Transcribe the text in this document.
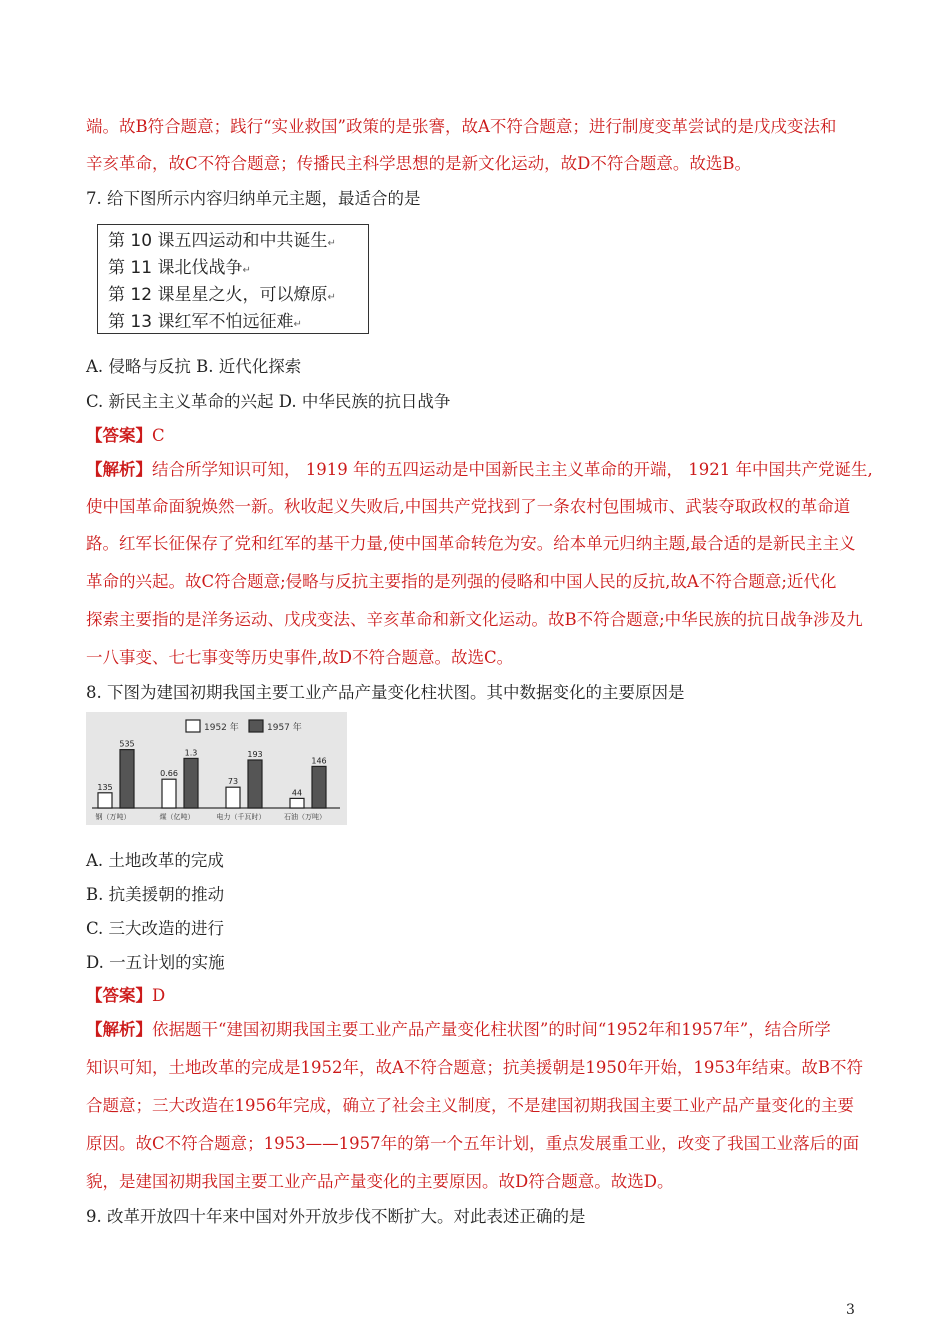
端。故B符合题意；践行“实业救国”政策的是张謇，故A不符合题意；进行制度变革尝试的是戊戌变法和
辛亥革命，故C不符合题意；传播民主科学思想的是新文化运动，故D不符合题意。故选B。
7. 给下图所示内容归纳单元主题，最适合的是
第 10 课五四运动和中共诞生↵
第 11 课北伐战争↵
第 12 课星星之火，可以燎原↵
第 13 课红军不怕远征难↵
A. 侵略与反抗 B. 近代化探索
C. 新民主主义革命的兴起 D. 中华民族的抗日战争
【答案】C
【解析】结合所学知识可知， 1919 年的五四运动是中国新民主主义革命的开端， 1921 年中国共产党诞生,
使中国革命面貌焕然一新。秋收起义失败后,中国共产党找到了一条农村包围城市、武装夺取政权的革命道
路。红军长征保存了党和红军的基干力量,使中国革命转危为安。给本单元归纳主题,最合适的是新民主主义
革命的兴起。故C符合题意;侵略与反抗主要指的是列强的侵略和中国人民的反抗,故A不符合题意;近代化
探索主要指的是洋务运动、戊戌变法、辛亥革命和新文化运动。故B不符合题意;中华民族的抗日战争涉及九
一八事变、七七事变等历史事件,故D不符合题意。故选C。
8. 下图为建国初期我国主要工业产品产量变化柱状图。其中数据变化的主要原因是
1952 年	1957 年
钢（万吨）	煤（亿吨）	电力（千瓦时）	石油（万吨）
135
535
0.66
1.3
73
193
44
146
A. 土地改革的完成
B. 抗美援朝的推动
C. 三大改造的进行
D. 一五计划的实施
【答案】D
【解析】依据题干“建国初期我国主要工业产品产量变化柱状图”的时间“1952年和1957年”，结合所学
知识可知，土地改革的完成是1952年，故A不符合题意；抗美援朝是1950年开始，1953年结束。故B不符
合题意；三大改造在1956年完成，确立了社会主义制度，不是建国初期我国主要工业产品产量变化的主要
原因。故C不符合题意；1953——1957年的第一个五年计划，重点发展重工业，改变了我国工业落后的面
貌，是建国初期我国主要工业产品产量变化的主要原因。故D符合题意。故选D。
9. 改革开放四十年来中国对外开放步伐不断扩大。对此表述正确的是
3
